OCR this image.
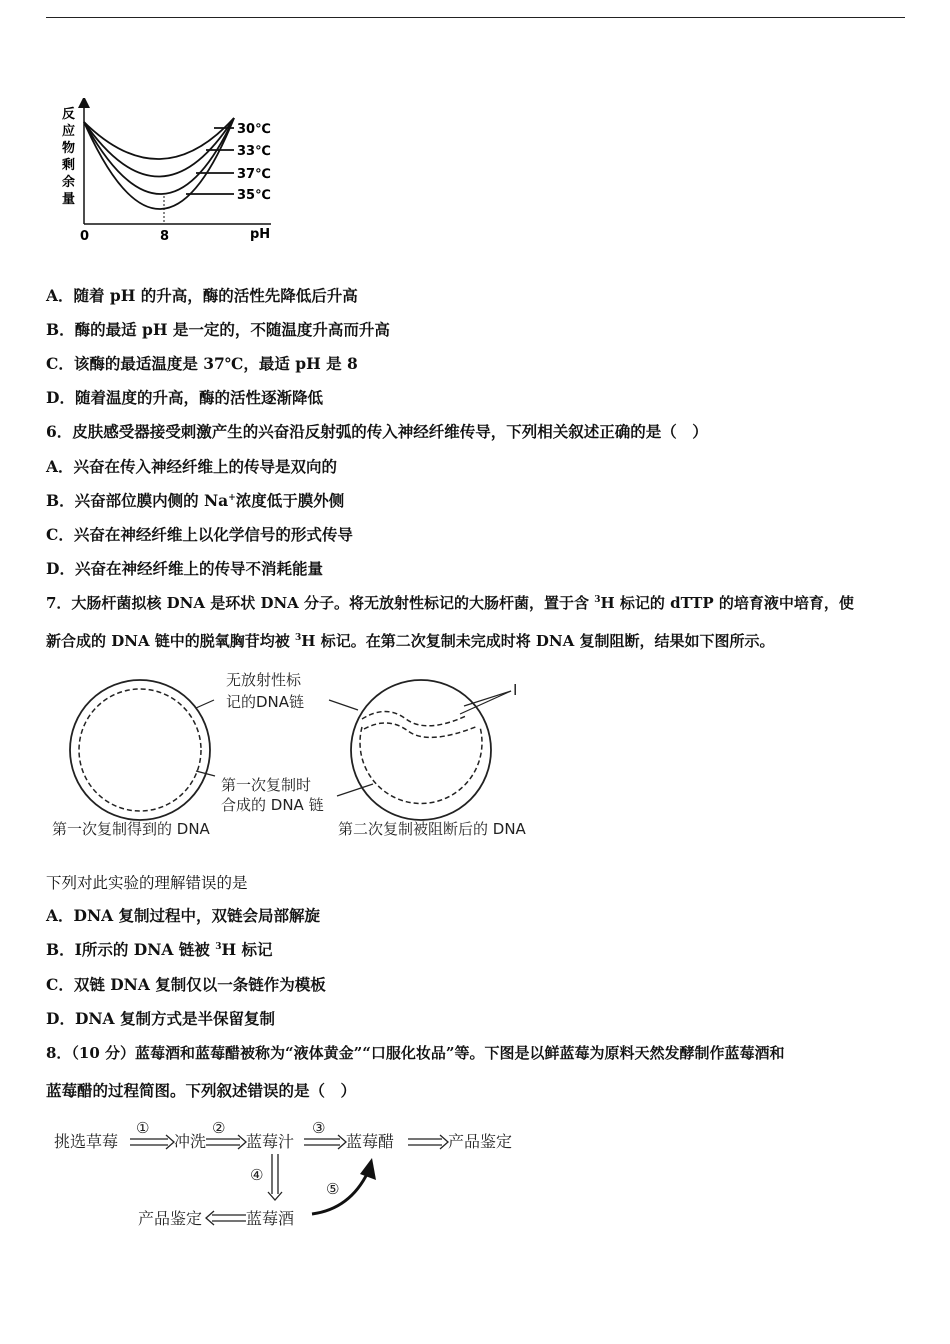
反
应
物
剩
余
量
30℃
33℃
37℃
35℃
0	8	pH
A．随着 pH 的升高，酶的活性先降低后升高
B．酶的最适 pH 是一定的，不随温度升高而升高
C．该酶的最适温度是 37℃，最适 pH 是 8
D．随着温度的升高，酶的活性逐渐降低
6．皮肤感受器接受刺激产生的兴奋沿反射弧的传入神经纤维传导，下列相关叙述正确的是（　）
A．兴奋在传入神经纤维上的传导是双向的
B．兴奋部位膜内侧的 Na+浓度低于膜外侧
C．兴奋在神经纤维上以化学信号的形式传导
D．兴奋在神经纤维上的传导不消耗能量
7．大肠杆菌拟核 DNA 是环状 DNA 分子。将无放射性标记的大肠杆菌，置于含 $^3$H 标记的 dTTP 的培育液中培育，使
新合成的 DNA 链中的脱氧胸苷均被 $^3$H 标记。在第二次复制未完成时将 DNA 复制阻断，结果如下图所示。
无放射性标
记的DNA链
第一次复制时
合成的 DNA 链
Ⅰ
第一次复制得到的 DNA	第二次复制被阻断后的 DNA
下列对此实验的理解错误的是
A．DNA 复制过程中，双链会局部解旋
B．Ⅰ所示的 DNA 链被 $^3$H 标记
C．双链 DNA 复制仅以一条链作为模板
D．DNA 复制方式是半保留复制
8．（10 分）蓝莓酒和蓝莓醋被称为“液体黄金”“口服化妆品”等。下图是以鲜蓝莓为原料天然发酵制作蓝莓酒和
蓝莓醋的过程简图。下列叙述错误的是（　）
挑选草莓	冲洗 蓝莓汁	蓝莓醋	产品鉴定
蓝莓酒
产品鉴定
①	②	③
④
⑤
